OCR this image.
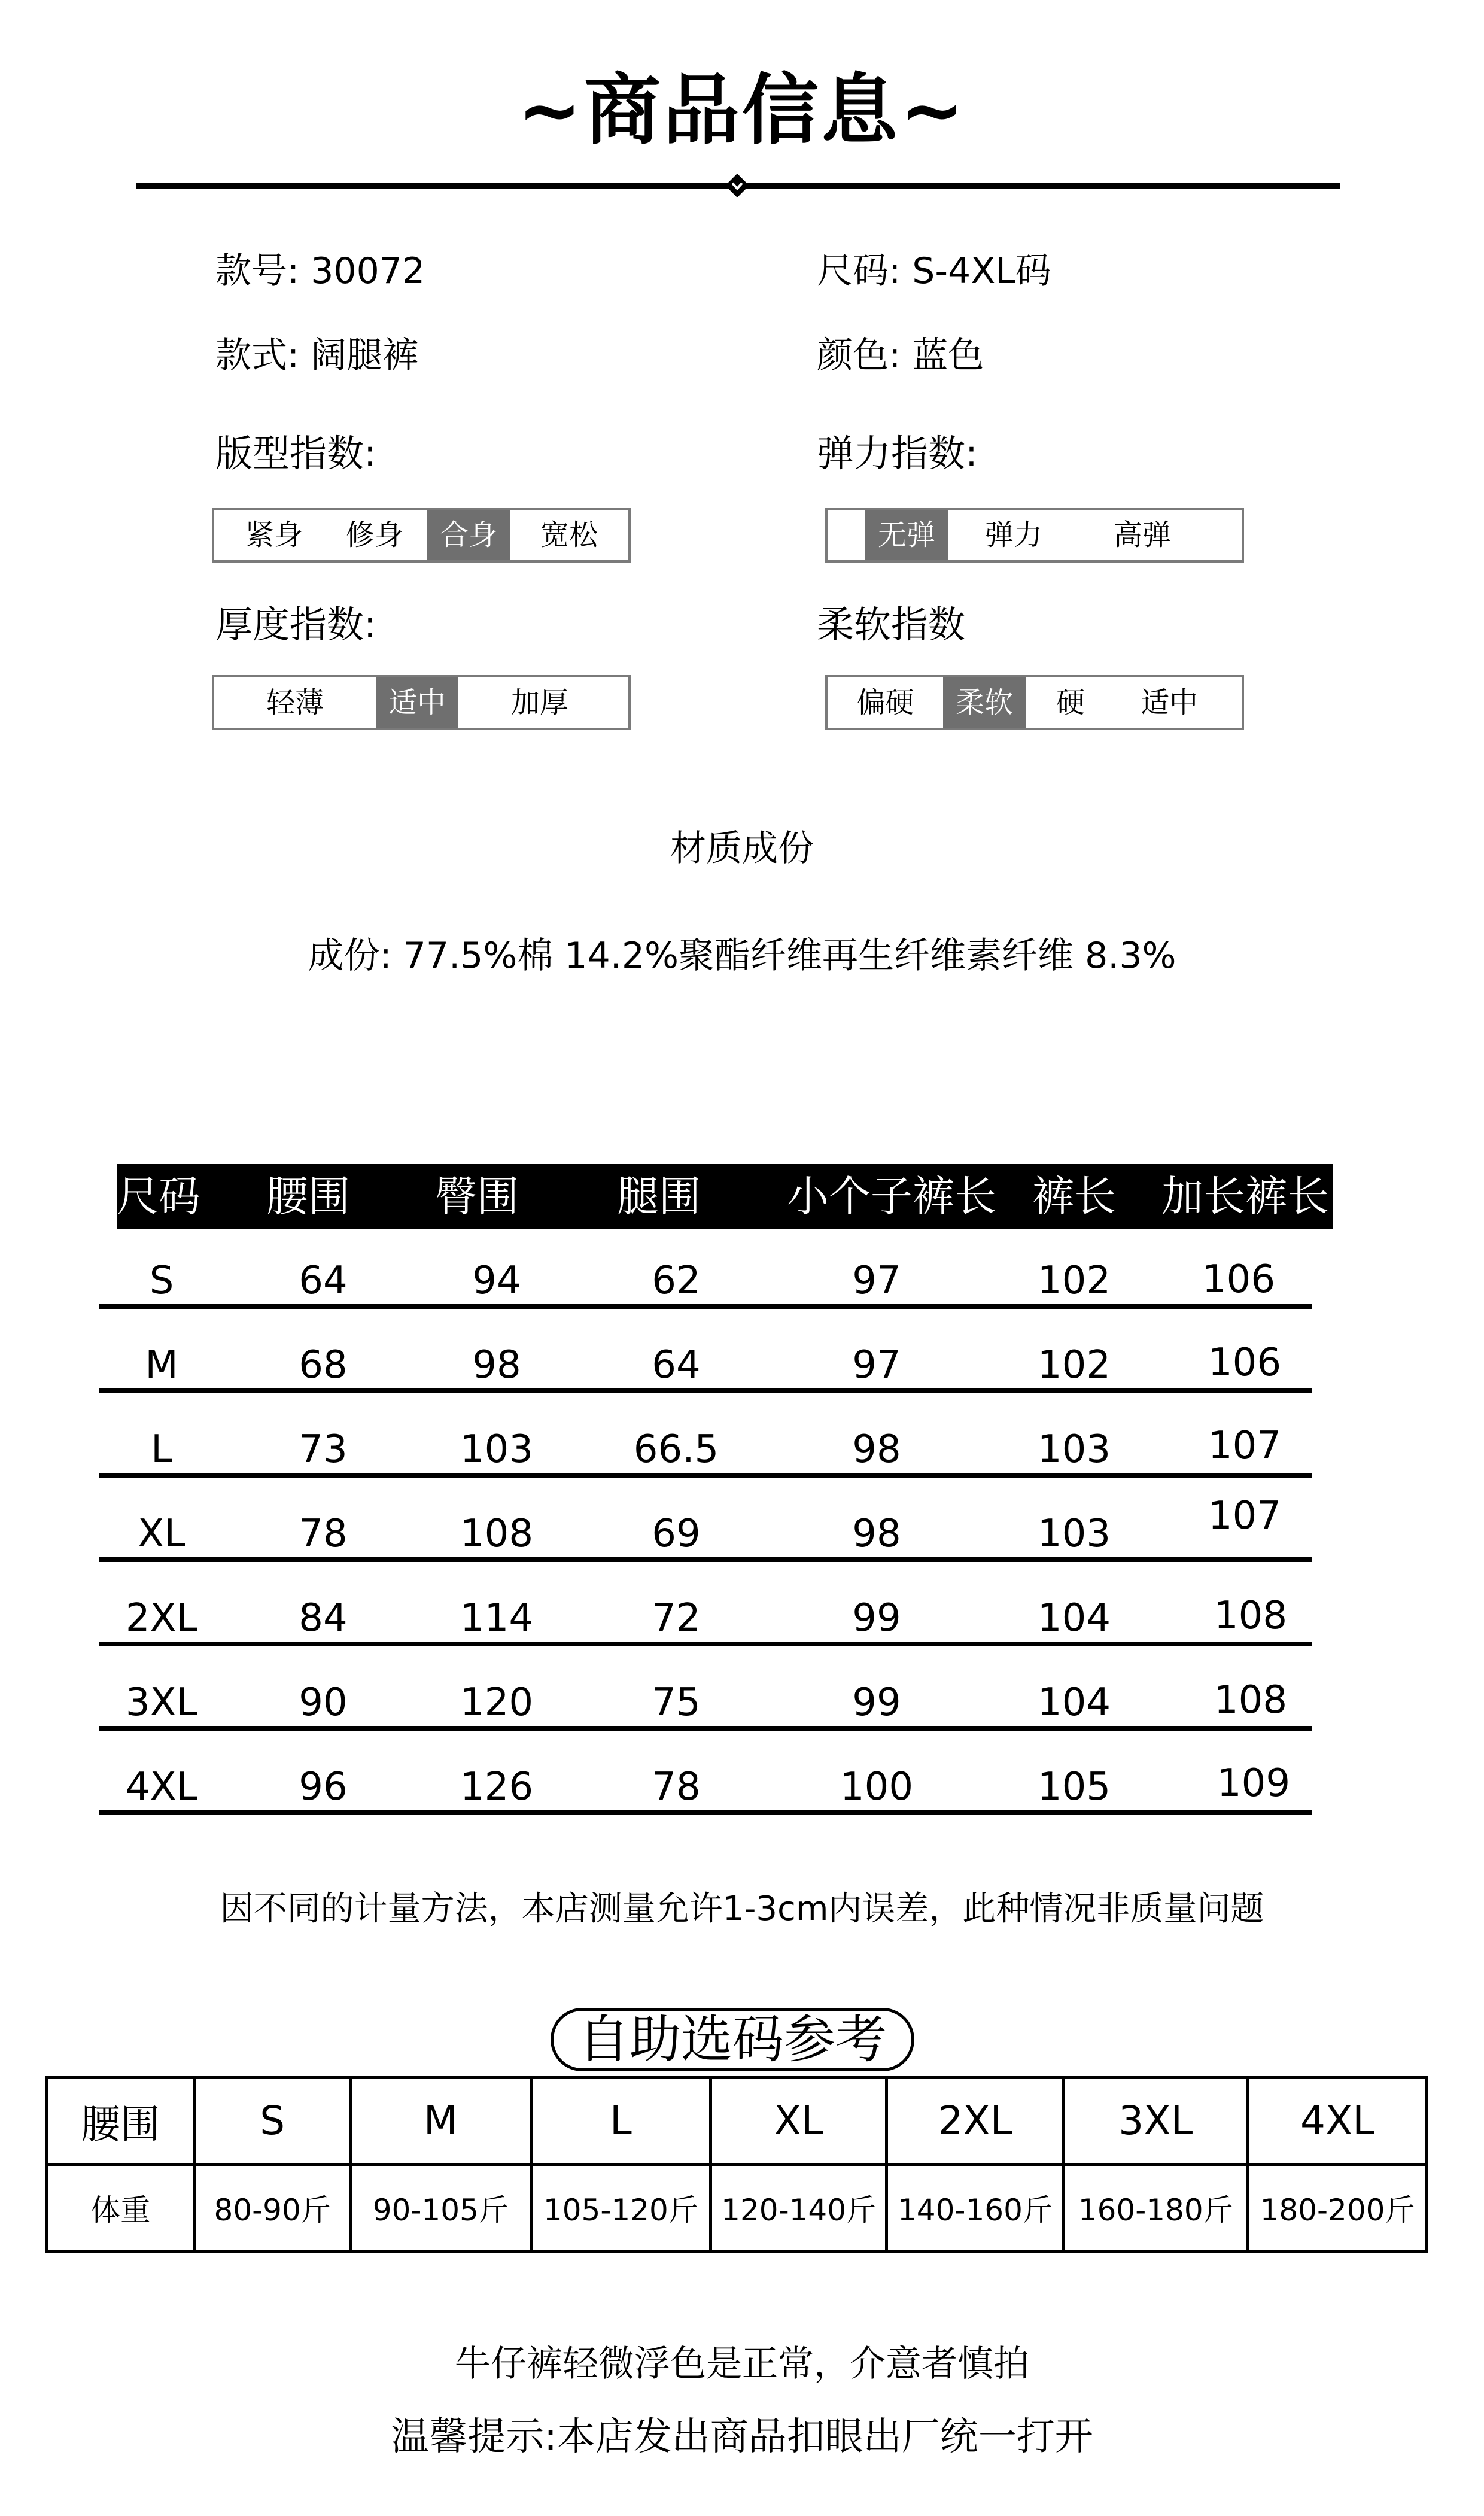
~商品信息~
款号: 30072	尺码: S-4XL码
款式: 阔腿裤	颜色: 蓝色
版型指数:
紧身	修身	合身	宽松
弹力指数:
无弹	弹力	高弹
厚度指数:
轻薄	适中	加厚
柔软指数
偏硬	柔软	硬	适中
材质成份
成份: 77.5%棉 14.2%聚酯纤维再生纤维素纤维 8.3%
尺码 腰围 臀围 腿围 小个子裤长 裤长 加长裤长
S	64	94	62	97	102	106
M	68	98	64	97	102	106
L	73	103	66.5	98	103	107
XL	78	108	69	98	103	107
2XL	84	114	72	99	104	108
3XL	90	120	75	99	104	108
4XL	96	126	78	100	105	109
因不同的计量方法，本店测量允许1-3cm内误差，此种情况非质量问题
自助选码参考
腰围	S	M	L	XL	2XL	3XL	4XL
体重	80-90斤	90-105斤	105-120斤	120-140斤	140-160斤	160-180斤	180-200斤
牛仔裤轻微浮色是正常，介意者慎拍
温馨提示:本店发出商品扣眼出厂统一打开
